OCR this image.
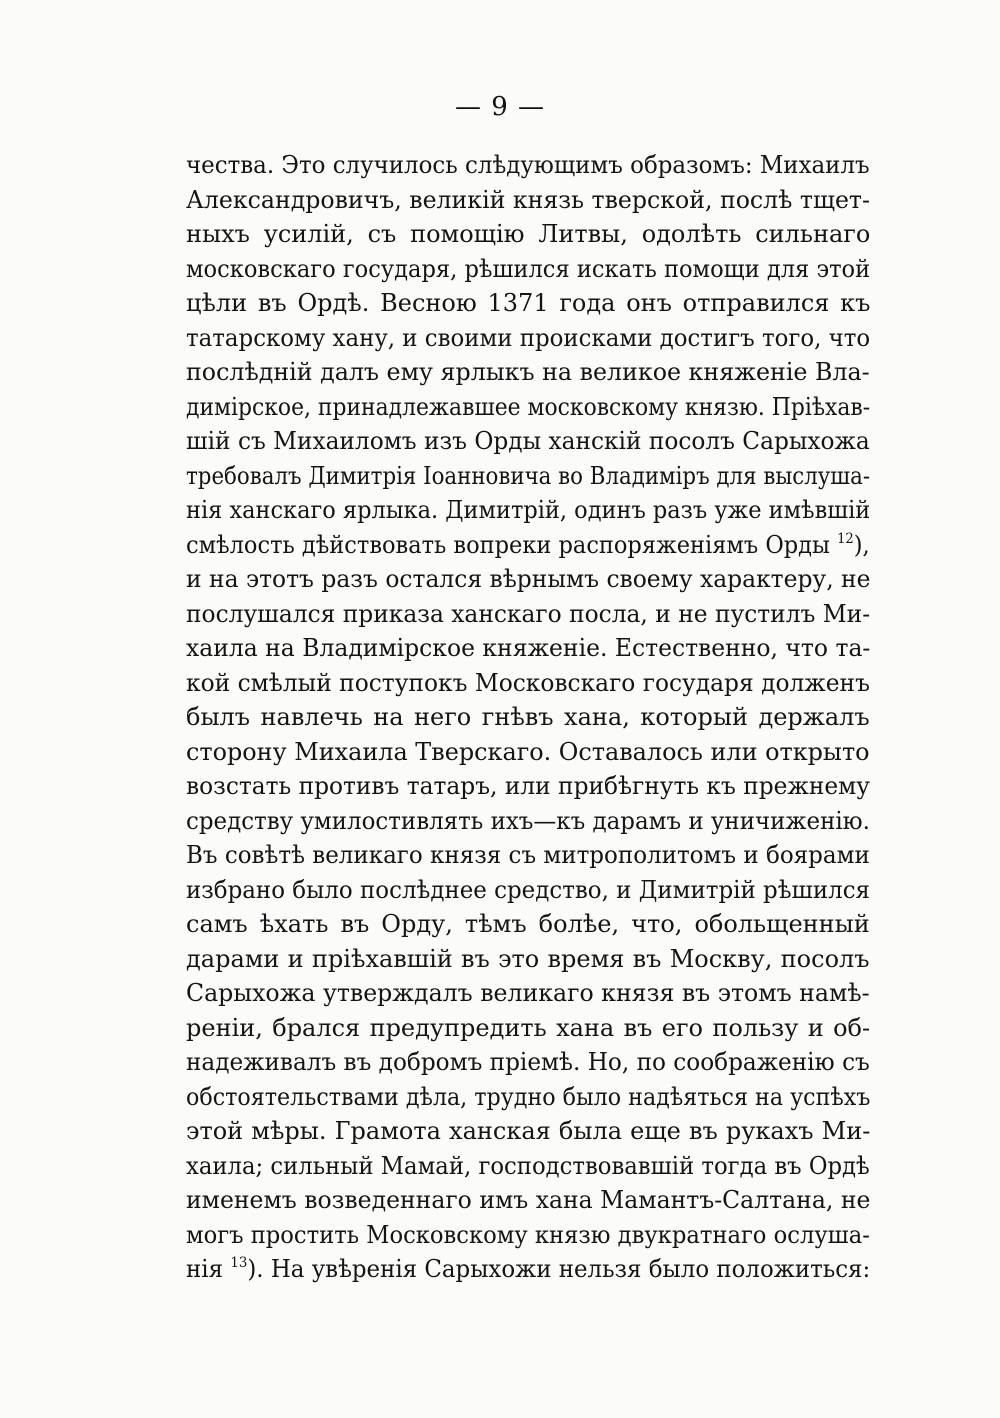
— 9 —
чества. Это случилось слѣдующимъ образомъ: Михаилъ
Александровичъ, великій князь тверской, послѣ тщет-
ныхъ усилій, съ помощію Литвы, одолѣть сильнаго
московскаго государя, рѣшился искать помощи для этой
цѣли въ Ордѣ. Весною 1371 года онъ отправился къ
татарскому хану, и своими происками достигъ того, что
послѣдній далъ ему ярлыкъ на великое княженіе Вла-
димірское, принадлежавшее московскому князю. Пріѣхав-
шій съ Михаиломъ изъ Орды ханскій посолъ Сарыхожа
требовалъ Димитрія Іоанновича во Владиміръ для выслуша-
нія ханскаго ярлыка. Димитрій, одинъ разъ уже имѣвшій
смѣлость дѣйствовать вопреки распоряженіямъ Орды $^{12}$),
и на этотъ разъ остался вѣрнымъ своему характеру, не
послушался приказа ханскаго посла, и не пустилъ Ми-
хаила на Владимірское княженіе. Естественно, что та-
кой смѣлый поступокъ Московскаго государя долженъ
былъ навлечь на него гнѣвъ хана, который держалъ
сторону Михаила Тверскаго. Оставалось или открыто
возстать противъ татаръ, или прибѣгнуть къ прежнему
средству умилостивлять ихъ—къ дарамъ и уничиженію.
Въ совѣтѣ великаго князя съ митрополитомъ и боярами
избрано было послѣднее средство, и Димитрій рѣшился
самъ ѣхать въ Орду, тѣмъ болѣе, что, обольщенный
дарами и пріѣхавшій въ это время въ Москву, посолъ
Сарыхожа утверждалъ великаго князя въ этомъ намѣ-
реніи, брался предупредить хана въ его пользу и об-
надеживалъ въ добромъ пріемѣ. Но, по соображенію съ
обстоятельствами дѣла, трудно было надѣяться на успѣхъ
этой мѣры. Грамота ханская была еще въ рукахъ Ми-
хаила; сильный Мамай, господствовавшій тогда въ Ордѣ
именемъ возведеннаго имъ хана Мамантъ-Салтана, не
могъ простить Московскому князю двукратнаго ослуша-
нія $^{13}$). На увѣренія Сарыхожи нельзя было положиться:
